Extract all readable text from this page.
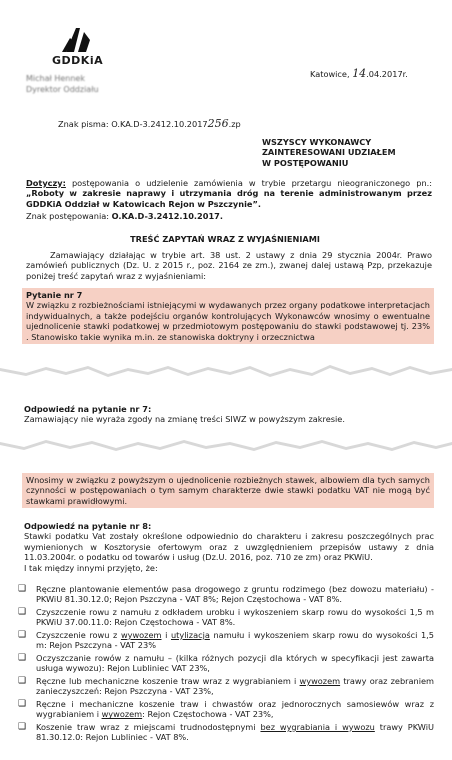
GDDKiA
Michał Hennek
Dyrektor Oddziału
Katowice, 14.04.2017r.
Znak pisma: O.KA.D-3.2412.10.2017256.zp
WSZYSCY WYKONAWCY
ZAINTERESOWANI UDZIAŁEM
W POSTĘPOWANIU
Dotyczy: postępowania o udzielenie zamówienia w trybie przetargu nieograniczonego pn.: „Roboty w zakresie naprawy i utrzymania dróg na terenie administrowanym przez GDDKiA Oddział w Katowicach Rejon w Pszczynie”.
Znak postępowania: O.KA.D-3.2412.10.2017.
TREŚĆ ZAPYTAŃ WRAZ Z WYJAŚNIENIAMI
Zamawiający działając w trybie art. 38 ust. 2 ustawy z dnia 29 stycznia 2004r. Prawo zamówień publicznych (Dz. U. z 2015 r., poz. 2164 ze zm.), zwanej dalej ustawą Pzp, przekazuje poniżej treść zapytań wraz z wyjaśnieniami:
Pytanie nr 7
W związku z rozbieżnościami istniejącymi w wydawanych przez organy podatkowe interpretacjach indywidualnych, a także podejściu organów kontrolujących Wykonawców wnosimy o ewentualne ujednolicenie stawki podatkowej w przedmiotowym postępowaniu do stawki podstawowej tj. 23% . Stanowisko takie wynika m.in. ze stanowiska doktryny i orzecznictwa
Odpowiedź na pytanie nr 7:
Zamawiający nie wyraża zgody na zmianę treści SIWZ w powyższym zakresie.
Wnosimy w związku z powyższym o ujednolicenie rozbieżnych stawek, albowiem dla tych samych czynności w postępowaniach o tym samym charakterze dwie stawki podatku VAT nie mogą być stawkami prawidłowymi.
Odpowiedź na pytanie nr 8:
Stawki podatku Vat zostały określone odpowiednio do charakteru i zakresu poszczególnych prac wymienionych w Kosztorysie ofertowym oraz z uwzględnieniem przepisów ustawy z dnia 11.03.2004r. o podatku od towarów i usług (Dz.U. 2016, poz. 710 ze zm) oraz PKWiU.
I tak między innymi przyjęto, że:
❑ Ręczne plantowanie elementów pasa drogowego z gruntu rodzimego (bez dowozu materiału) - PKWiU 81.30.12.0; Rejon Pszczyna - VAT 8%; Rejon Częstochowa - VAT 8%.
❑ Czyszczenie rowu z namułu z odkładem urobku i wykoszeniem skarp rowu do wysokości 1,5 m PKWiU 37.00.11.0: Rejon Częstochowa - VAT 8%.
❑ Czyszczenie rowu z wywozem i utylizacja namułu i wykoszeniem skarp rowu do wysokości 1,5 m: Rejon Pszczyna - VAT 23%
❑ Oczyszczanie rowów z namułu – (kilka różnych pozycji dla których w specyfikacji jest zawarta usługa wywozu): Rejon Lubliniec VAT 23%,
❑ Ręczne lub mechaniczne koszenie traw wraz z wygrabianiem i wywozem trawy oraz zebraniem zanieczyszczeń: Rejon Pszczyna - VAT 23%,
❑ Ręczne i mechaniczne koszenie traw i chwastów oraz jednorocznych samosiewów wraz z wygrabianiem i wywozem: Rejon Częstochowa - VAT 23%,
❑ Koszenie traw wraz z miejscami trudnodostępnymi bez wygrabiania i wywozu trawy PKWiU 81.30.12.0: Rejon Lubliniec - VAT 8%.
